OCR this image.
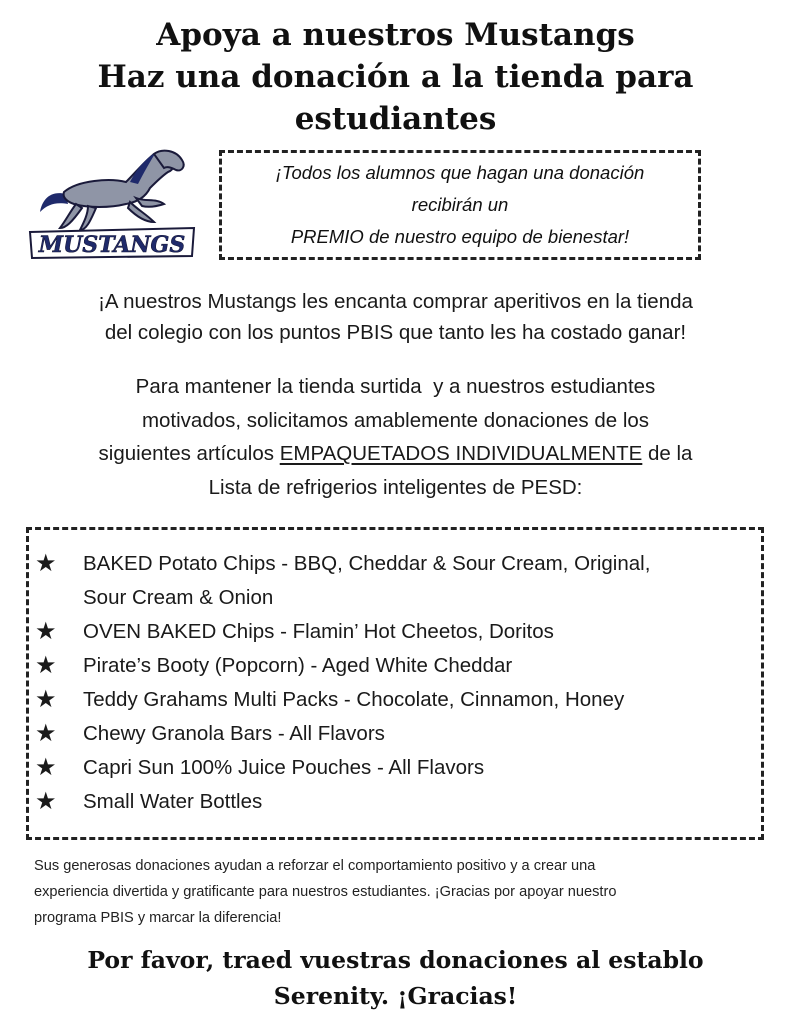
Apoya a nuestros Mustangs
Haz una donación a la tienda para
estudiantes
MUSTANGS
¡Todos los alumnos que hagan una donación
recibirán un
PREMIO de nuestro equipo de bienestar!
¡A nuestros Mustangs les encanta comprar aperitivos en la tienda
del colegio con los puntos PBIS que tanto les ha costado ganar!
Para mantener la tienda surtida  y a nuestros estudiantes
motivados, solicitamos amablemente donaciones de los
siguientes artículos EMPAQUETADOS INDIVIDUALMENTE de la
Lista de refrigerios inteligentes de PESD:
★	BAKED Potato Chips - BBQ, Cheddar & Sour Cream, Original,
Sour Cream & Onion
★	OVEN BAKED Chips - Flamin’ Hot Cheetos, Doritos
★	Pirate’s Booty (Popcorn) - Aged White Cheddar
★	Teddy Grahams Multi Packs - Chocolate, Cinnamon, Honey
★	Chewy Granola Bars - All Flavors
★	Capri Sun 100% Juice Pouches - All Flavors
★	Small Water Bottles
Sus generosas donaciones ayudan a reforzar el comportamiento positivo y a crear una
experiencia divertida y gratificante para nuestros estudiantes. ¡Gracias por apoyar nuestro
programa PBIS y marcar la diferencia!
Por favor, traed vuestras donaciones al establo
Serenity. ¡Gracias!
